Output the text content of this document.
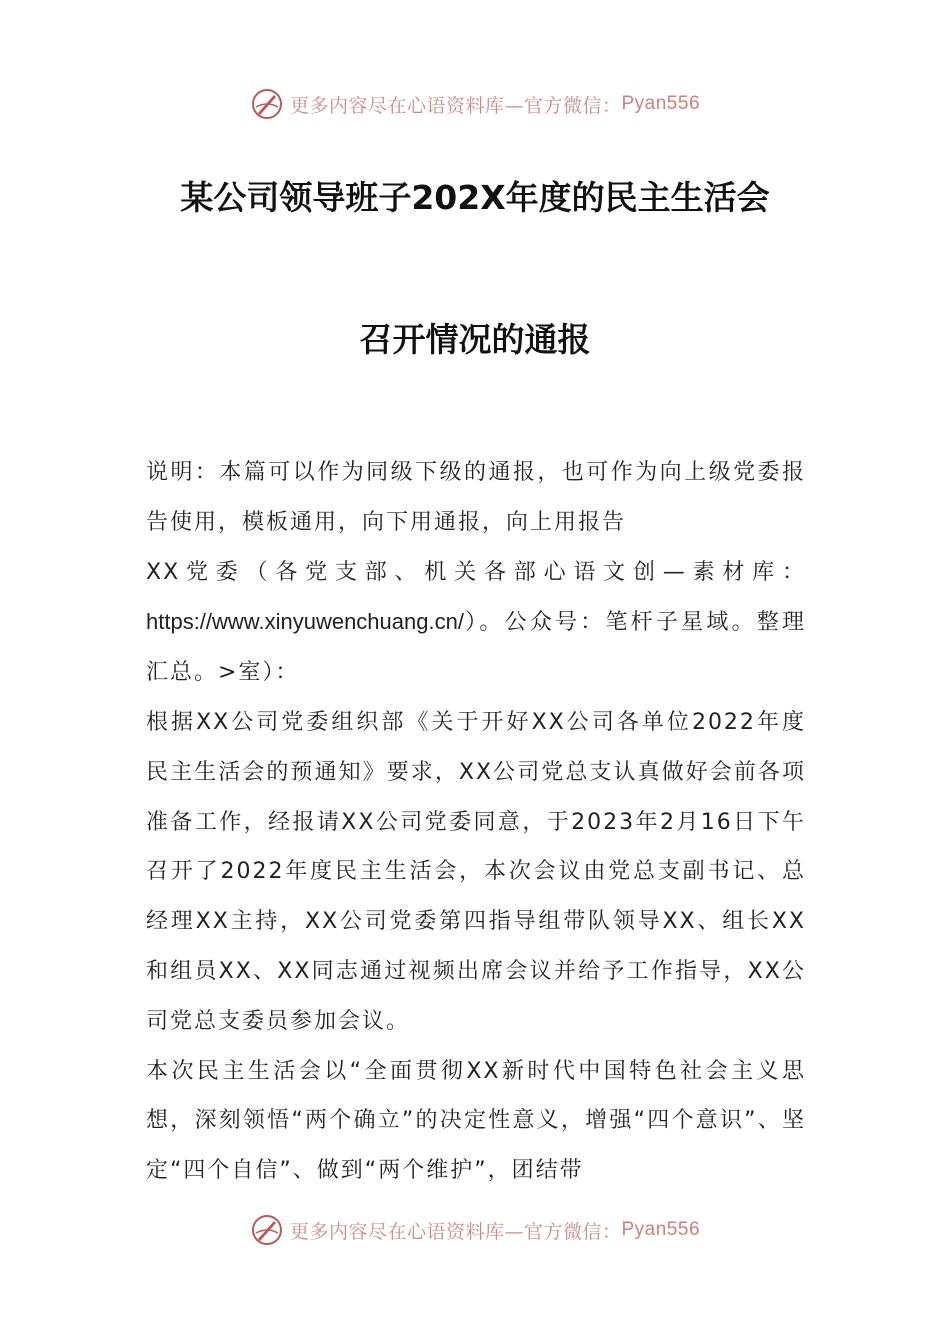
更多内容尽在心语资料库—官方微信： Pyan556
某公司领导班子202X年度的民主生活会
召开情况的通报

说明：本篇可以作为同级下级的通报，也可作为向上级党委报告使用，模板通用，向下用通报，向上用报告

XX党委（各党支部、机关各部心语文创—素材库：https://www.xinyuwenchuang.cn/）。公众号：笔杆子星域。整理汇总。>室）：

根据XX公司党委组织部《关于开好XX公司各单位2022年度民主生活会的预通知》要求，XX公司党总支认真做好会前各项准备工作，经报请XX公司党委同意，于2023年2月16日下午召开了2022年度民主生活会，本次会议由党总支副书记、总经理XX主持，XX公司党委第四指导组带队领导XX、组长XX和组员XX、XX同志通过视频出席会议并给予工作指导，XX公司党总支委员参加会议。

本次民主生活会以“全面贯彻XX新时代中国特色社会主义思想，深刻领悟“两个确立”的决定性意义，增强“四个意识”、坚定“四个自信”、做到“两个维护”，团结带

更多内容尽在心语资料库—官方微信： Pyan556
